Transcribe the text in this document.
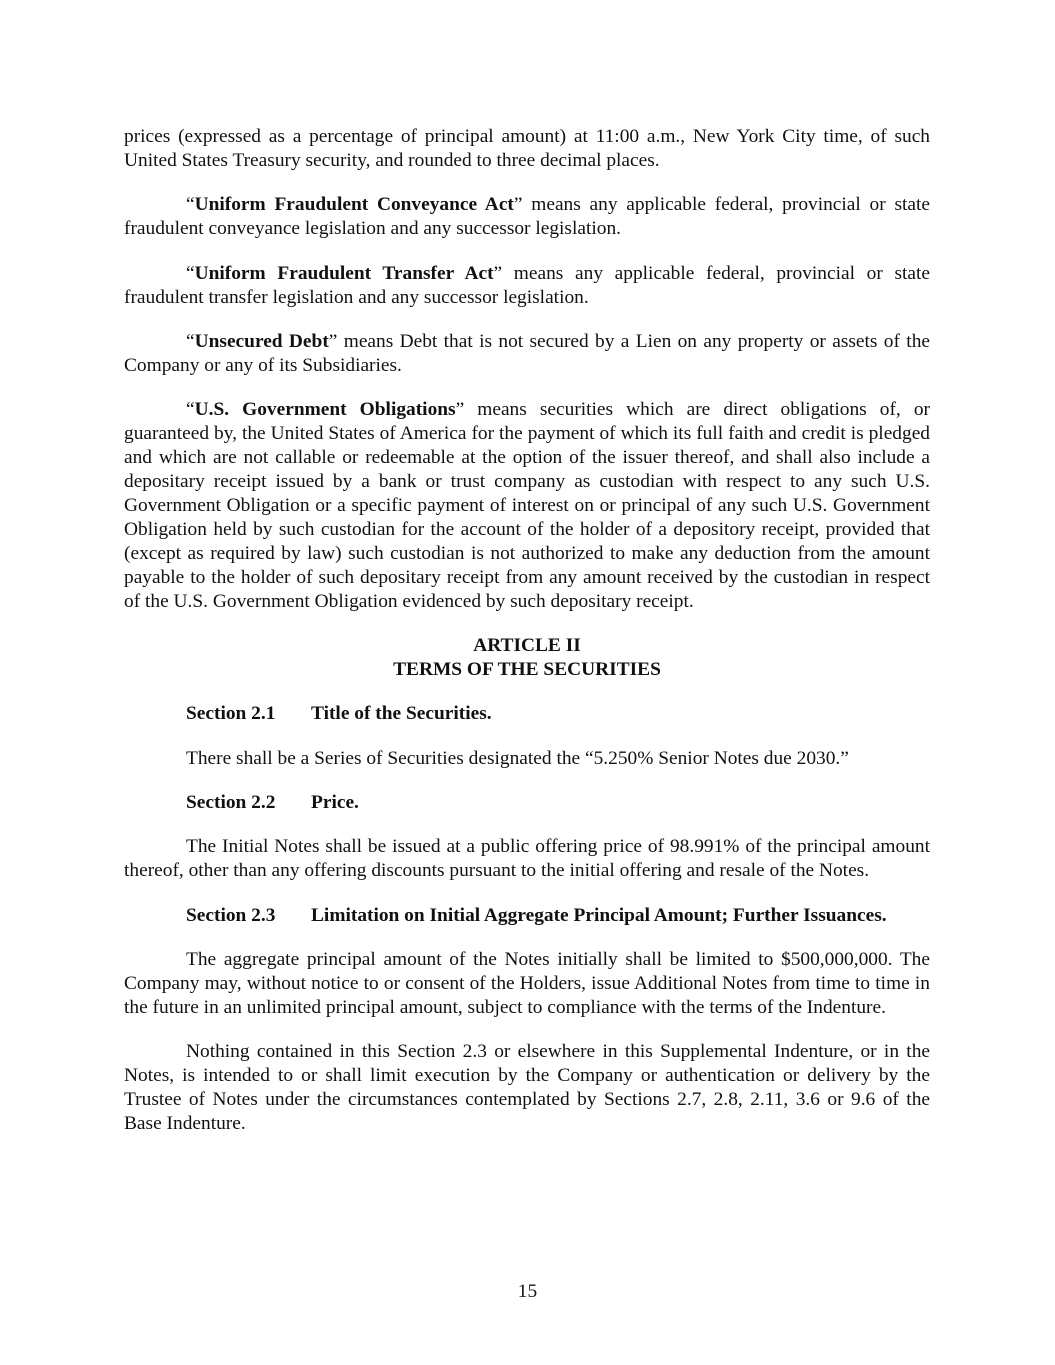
prices (expressed as a percentage of principal amount) at 11:00 a.m., New York City time, of such United States Treasury security, and rounded to three decimal places.

“Uniform Fraudulent Conveyance Act” means any applicable federal, provincial or state fraudulent conveyance legislation and any successor legislation.

“Uniform Fraudulent Transfer Act” means any applicable federal, provincial or state fraudulent transfer legislation and any successor legislation.

“Unsecured Debt” means Debt that is not secured by a Lien on any property or assets of the Company or any of its Subsidiaries.

“U.S. Government Obligations” means securities which are direct obligations of, or guaranteed by, the United States of America for the payment of which its full faith and credit is pledged and which are not callable or redeemable at the option of the issuer thereof, and shall also include a depositary receipt issued by a bank or trust company as custodian with respect to any such U.S. Government Obligation or a specific payment of interest on or principal of any such U.S. Government Obligation held by such custodian for the account of the holder of a depository receipt, provided that (except as required by law) such custodian is not authorized to make any deduction from the amount payable to the holder of such depositary receipt from any amount received by the custodian in respect of the U.S. Government Obligation evidenced by such depositary receipt.

ARTICLE II
TERMS OF THE SECURITIES
Section 2.1 Title of the Securities.

There shall be a Series of Securities designated the “5.250% Senior Notes due 2030.”

Section 2.2 Price.

The Initial Notes shall be issued at a public offering price of 98.991% of the principal amount thereof, other than any offering discounts pursuant to the initial offering and resale of the Notes.

Section 2.3 Limitation on Initial Aggregate Principal Amount; Further Issuances.

The aggregate principal amount of the Notes initially shall be limited to $500,000,000. The Company may, without notice to or consent of the Holders, issue Additional Notes from time to time in the future in an unlimited principal amount, subject to compliance with the terms of the Indenture.

Nothing contained in this Section 2.3 or elsewhere in this Supplemental Indenture, or in the Notes, is intended to or shall limit execution by the Company or authentication or delivery by the Trustee of Notes under the circumstances contemplated by Sections 2.7, 2.8, 2.11, 3.6 or 9.6 of the Base Indenture.

15
